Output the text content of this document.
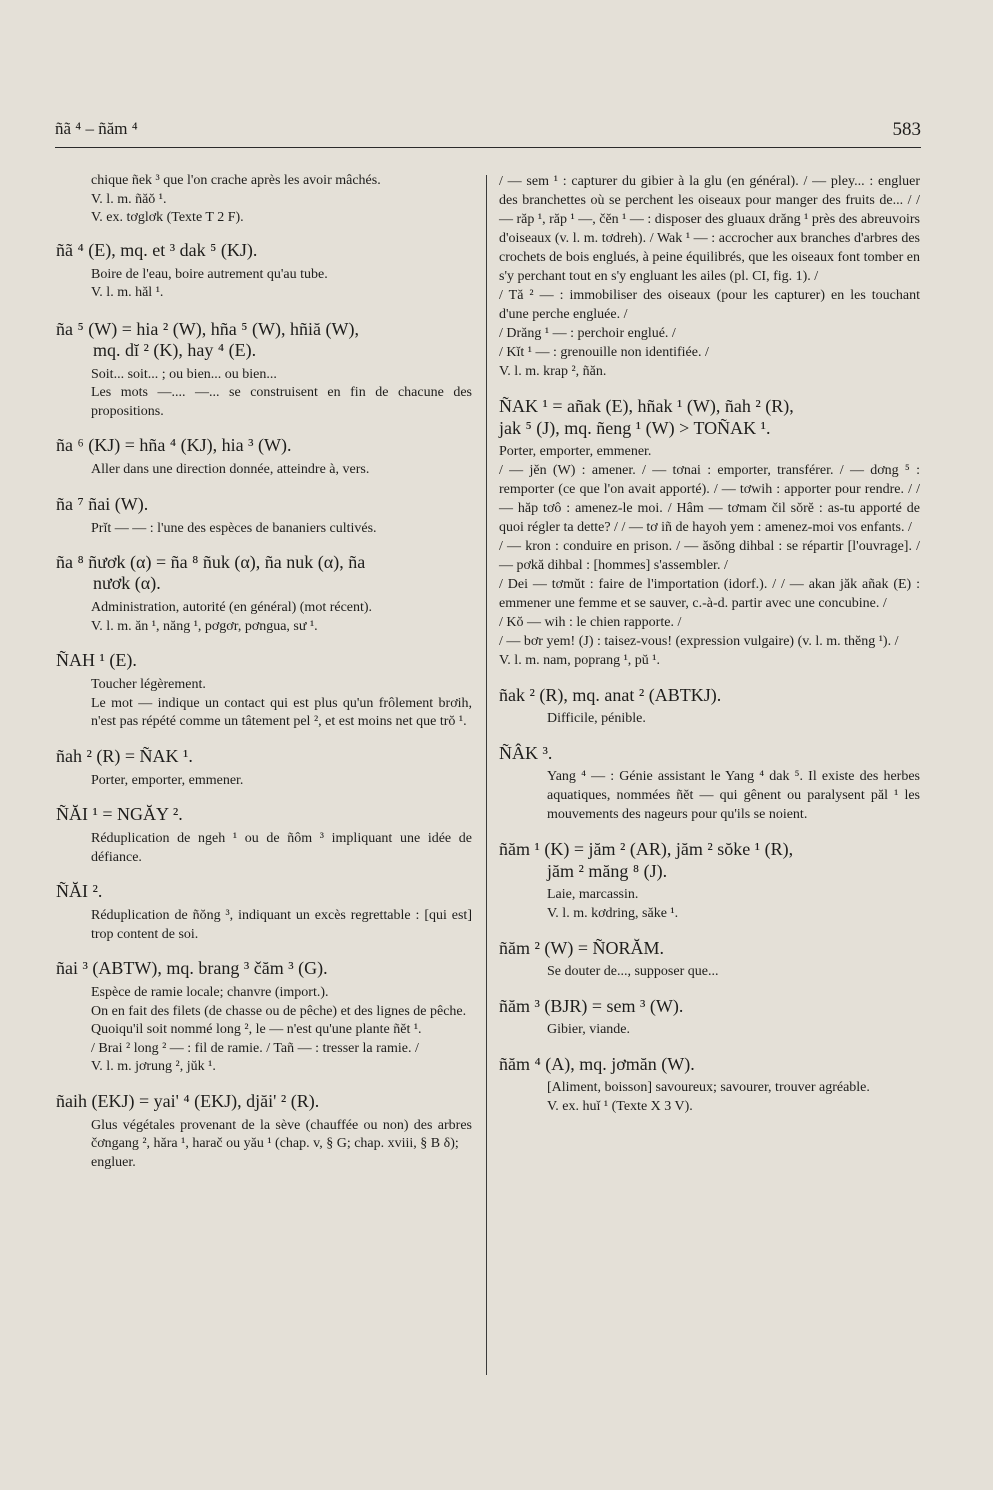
ñã ⁴ – ñăm ⁴	583

chique ñek ³ que l'on crache après les avoir mâchés.

V. l. m. ñăŏ ¹.

V. ex. tơglơk (Texte T 2 F).

ñã ⁴ (E), mq. et ³ dak ⁵ (KJ).

Boire de l'eau, boire autrement qu'au tube.

V. l. m. hăl ¹.

ña ⁵ (W) = hia ² (W), hña ⁵ (W), hñiă (W),
mq. dĭ ² (K), hay ⁴ (E).

Soit... soit... ; ou bien... ou bien...

Les mots —.... —... se construisent en fin de chacune des propositions.

ña ⁶ (KJ) = hña ⁴ (KJ), hia ³ (W).

Aller dans une direction donnée, atteindre à, vers.

ña ⁷ ñai (W).

Prĭt — — : l'une des espèces de bananiers cultivés.

ña ⁸ ñươk (α) = ña ⁸ ñuk (α), ña nuk (α), ña
nươk (α).

Administration, autorité (en général) (mot récent).

V. l. m. ăn ¹, năng ¹, pơgơr, pơngua, sư ¹.

ÑAH ¹ (E).

Toucher légèrement.

Le mot — indique un contact qui est plus qu'un frôlement brơih, n'est pas répété comme un tâtement pel ², et est moins net que trŏ ¹.

ñah ² (R) = ÑAK ¹.

Porter, emporter, emmener.

ÑĂI ¹ = NGĂY ².

Réduplication de ngeh ¹ ou de ñôm ³ impliquant une idée de défiance.

ÑĂI ².

Réduplication de ñŏng ³, indiquant un excès regrettable : [qui est] trop content de soi.

ñai ³ (ABTW), mq. brang ³ čăm ³ (G).

Espèce de ramie locale; chanvre (import.).

On en fait des filets (de chasse ou de pêche) et des lignes de pêche.

Quoiqu'il soit nommé long ², le — n'est qu'une plante ñĕt ¹.

/ Brai ² long ² — : fil de ramie. / Tañ — : tresser la ramie. /

V. l. m. jơrung ², jŭk ¹.

ñaih (EKJ) = yai' ⁴ (EKJ), djăi' ² (R).

Glus végétales provenant de la sève (chauffée ou non) des arbres čơngang ², hăra ¹, harač ou yău ¹ (chap. v, § G; chap. xviii, § B δ);

engluer.

/ — sem ¹ : capturer du gibier à la glu (en général). / — pley... : engluer des branchettes où se perchent les oiseaux pour manger des fruits de... / / — răp ¹, răp ¹ —, čĕn ¹ — : disposer des gluaux drăng ¹ près des abreuvoirs d'oiseaux (v. l. m. tơdreh). / Wak ¹ — : accrocher aux branches d'arbres des crochets de bois englués, à peine équilibrés, que les oiseaux font tomber en s'y perchant tout en s'y engluant les ailes (pl. CI, fig. 1). /

/ Tă ² — : immobiliser des oiseaux (pour les capturer) en les touchant d'une perche engluée. /

/ Drăng ¹ — : perchoir englué. /

/ Kĭt ¹ — : grenouille non identifiée. /

V. l. m. krap ², ñăn.

ÑAK ¹ = añak (E), hñak ¹ (W), ñah ² (R),
jak ⁵ (J), mq. ñeng ¹ (W) > TOÑAK ¹.

Porter, emporter, emmener.

/ — jĕn (W) : amener. / — tơnai : emporter, transférer. / — dơng ⁵ : remporter (ce que l'on avait apporté). / — tơwih : apporter pour rendre. / / — hăp tơô : amenez-le moi. / Hâm — tơmam čil sŏrĕ : as-tu apporté de quoi régler ta dette? / / — tơ iñ de hayoh yem : amenez-moi vos enfants. /

/ — kron : conduire en prison. / — ăsŏng dihbal : se répartir [l'ouvrage]. / — pơkă dihbal : [hommes] s'assembler. /

/ Dei — tơmŭt : faire de l'importation (idorf.). / / — akan jăk añak (E) : emmener une femme et se sauver, c.-à-d. partir avec une concubine. /

/ Kŏ — wih : le chien rapporte. /

/ — bơr yem! (J) : taisez-vous! (expression vulgaire) (v. l. m. thĕng ¹). /

V. l. m. nam, poprang ¹, pŭ ¹.

ñak ² (R), mq. anat ² (ABTKJ).

Difficile, pénible.

ÑÂK ³.

Yang ⁴ — : Génie assistant le Yang ⁴ dak ⁵. Il existe des herbes aquatiques, nommées ñĕt — qui gênent ou paralysent păl ¹ les mouvements des nageurs pour qu'ils se noient.

ñăm ¹ (K) = jăm ² (AR), jăm ² sŏke ¹ (R),
jăm ² măng ⁸ (J).

Laie, marcassin.

V. l. m. kơdring, săke ¹.

ñăm ² (W) = ÑORĂM.

Se douter de..., supposer que...

ñăm ³ (BJR) = sem ³ (W).

Gibier, viande.

ñăm ⁴ (A), mq. jơmăn (W).

[Aliment, boisson] savoureux; savourer, trouver agréable.

V. ex. huĭ ¹ (Texte X 3 V).
